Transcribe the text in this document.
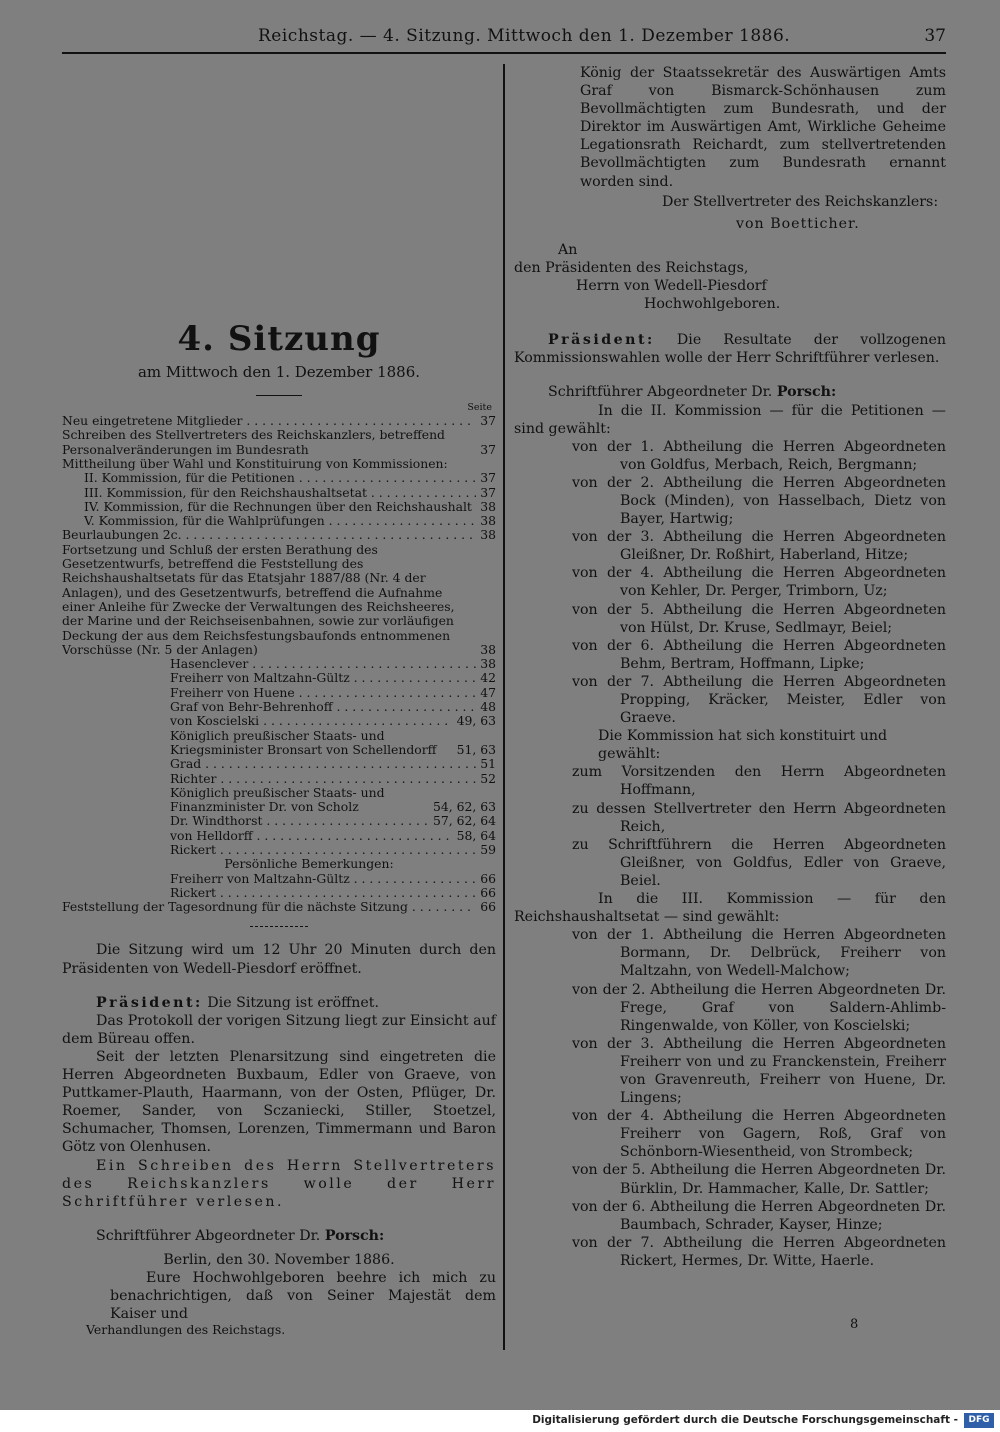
Reichstag. — 4. Sitzung. Mittwoch den 1. Dezember 1886.	37
4. Sitzung
am Mittwoch den 1. Dezember 1886.
Seite
Neu eingetretene Mitglieder . . .	37
Schreiben des Stellvertreters des Reichskanzlers, betreffend Personalveränderungen im Bundesrath	37
Mittheilung über Wahl und Konstituirung von Kommissionen:
II. Kommission, für die Petitionen . . .	37
III. Kommission, für den Reichshaushaltsetat . . .	37
IV. Kommission, für die Rechnungen über den Reichshaushalt 38
V. Kommission, für die Wahlprüfungen . . .	38
Beurlaubungen 2c. . . .	38
Fortsetzung und Schluß der ersten Berathung des Gesetzentwurfs, betreffend die Feststellung des Reichshaushaltsetats für das Etatsjahr 1887/88 (Nr. 4 der Anlagen), und des Gesetzentwurfs, betreffend die Aufnahme einer Anleihe für Zwecke der Verwaltungen des Reichsheeres, der Marine und der Reichseisenbahnen, sowie zur vorläufigen Deckung der aus dem Reichsfestungsbaufonds entnommenen Vorschüsse (Nr. 5 der Anlagen)	38
Hasenclever . . .	38
Freiherr von Maltzahn-Gültz . . .	42
Freiherr von Huene . . .	47
Graf von Behr-Behrenhoff . . .	48
von Koscielski . . .	49, 63
Königlich preußischer Staats- und Kriegsminister Bronsart von Schellendorff	51, 63
Grad . . .	51
Richter . . .	52
Königlich preußischer Staats- und Finanzminister Dr. von Scholz	54, 62, 63
Dr. Windthorst . . .	57, 62, 64
von Helldorff . . .	58, 64
Rickert . . .	59
Persönliche Bemerkungen:
Freiherr von Maltzahn-Gültz . . .	66
Rickert . . .	66
Feststellung der Tagesordnung für die nächste Sitzung . . .	66

Die Sitzung wird um 12 Uhr 20 Minuten durch den Präsidenten von Wedell-Piesdorf eröffnet.

Präsident: Die Sitzung ist eröffnet.

Das Protokoll der vorigen Sitzung liegt zur Einsicht auf dem Büreau offen.

Seit der letzten Plenarsitzung sind eingetreten die Herren Abgeordneten Buxbaum, Edler von Graeve, von Puttkamer-Plauth, Haarmann, von der Osten, Pflüger, Dr. Roemer, Sander, von Sczaniecki, Stiller, Stoetzel, Schumacher, Thomsen, Lorenzen, Timmermann und Baron Götz von Olenhusen.

Ein Schreiben des Herrn Stellvertreters des Reichskanzlers wolle der Herr Schriftführer verlesen.

Schriftführer Abgeordneter Dr. Porsch:

Berlin, den 30. November 1886.

Eure Hochwohlgeboren beehre ich mich zu benachrichtigen, daß von Seiner Majestät dem Kaiser und

Verhandlungen des Reichstags.

König der Staatssekretär des Auswärtigen Amts Graf von Bismarck-Schönhausen zum Bevollmächtigten zum Bundesrath, und der Direktor im Auswärtigen Amt, Wirkliche Geheime Legationsrath Reichardt, zum stellvertretenden Bevollmächtigten zum Bundesrath ernannt worden sind.

Der Stellvertreter des Reichskanzlers:

von Boetticher.

An

den Präsidenten des Reichstags,

Herrn von Wedell-Piesdorf

Hochwohlgeboren.

Präsident: Die Resultate der vollzogenen Kommissionswahlen wolle der Herr Schriftführer verlesen.

Schriftführer Abgeordneter Dr. Porsch:

In die II. Kommission — für die Petitionen — sind gewählt:

von der 1. Abtheilung die Herren Abgeordneten von Goldfus, Merbach, Reich, Bergmann;

von der 2. Abtheilung die Herren Abgeordneten Bock (Minden), von Hasselbach, Dietz von Bayer, Hartwig;

von der 3. Abtheilung die Herren Abgeordneten Gleißner, Dr. Roßhirt, Haberland, Hitze;

von der 4. Abtheilung die Herren Abgeordneten von Kehler, Dr. Perger, Trimborn, Uz;

von der 5. Abtheilung die Herren Abgeordneten von Hülst, Dr. Kruse, Sedlmayr, Beiel;

von der 6. Abtheilung die Herren Abgeordneten Behm, Bertram, Hoffmann, Lipke;

von der 7. Abtheilung die Herren Abgeordneten Propping, Kräcker, Meister, Edler von Graeve.

Die Kommission hat sich konstituirt und gewählt:

zum Vorsitzenden den Herrn Abgeordneten Hoffmann,

zu dessen Stellvertreter den Herrn Abgeordneten Reich,

zu Schriftführern die Herren Abgeordneten Gleißner, von Goldfus, Edler von Graeve, Beiel.

In die III. Kommission — für den Reichshaushaltsetat — sind gewählt:

von der 1. Abtheilung die Herren Abgeordneten Bormann, Dr. Delbrück, Freiherr von Maltzahn, von Wedell-Malchow;

von der 2. Abtheilung die Herren Abgeordneten Dr. Frege, Graf von Saldern-Ahlimb-Ringenwalde, von Köller, von Koscielski;

von der 3. Abtheilung die Herren Abgeordneten Freiherr von und zu Franckenstein, Freiherr von Gravenreuth, Freiherr von Huene, Dr. Lingens;

von der 4. Abtheilung die Herren Abgeordneten Freiherr von Gagern, Roß, Graf von Schönborn-Wiesentheid, von Strombeck;

von der 5. Abtheilung die Herren Abgeordneten Dr. Bürklin, Dr. Hammacher, Kalle, Dr. Sattler;

von der 6. Abtheilung die Herren Abgeordneten Dr. Baumbach, Schrader, Kayser, Hinze;

von der 7. Abtheilung die Herren Abgeordneten Rickert, Hermes, Dr. Witte, Haerle.

8
Digitalisierung gefördert durch die Deutsche Forschungsgemeinschaft -	DFG
